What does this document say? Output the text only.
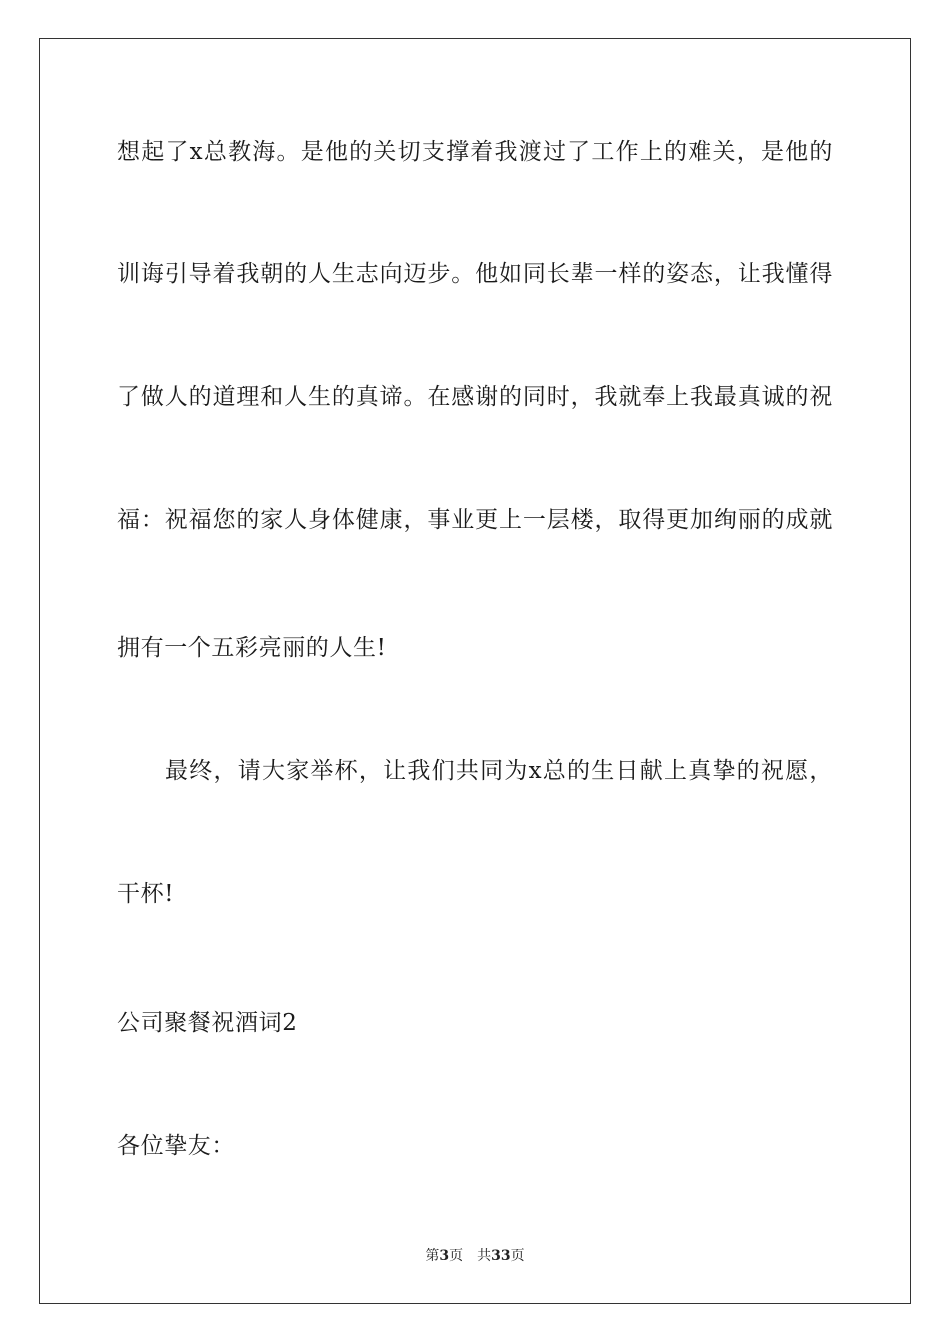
想起了x总教海。是他的关切支撑着我渡过了工作上的难关，是他的
训诲引导着我朝的人生志向迈步。他如同长辈一样的姿态，让我懂得
了做人的道理和人生的真谛。在感谢的同时，我就奉上我最真诚的祝
福：祝福您的家人身体健康，事业更上一层楼，取得更加绚丽的成就
拥有一个五彩亮丽的人生!
最终，请大家举杯，让我们共同为x总的生日献上真挚的祝愿，
干杯!
公司聚餐祝酒词2
各位挚友：
第3页 共33页
